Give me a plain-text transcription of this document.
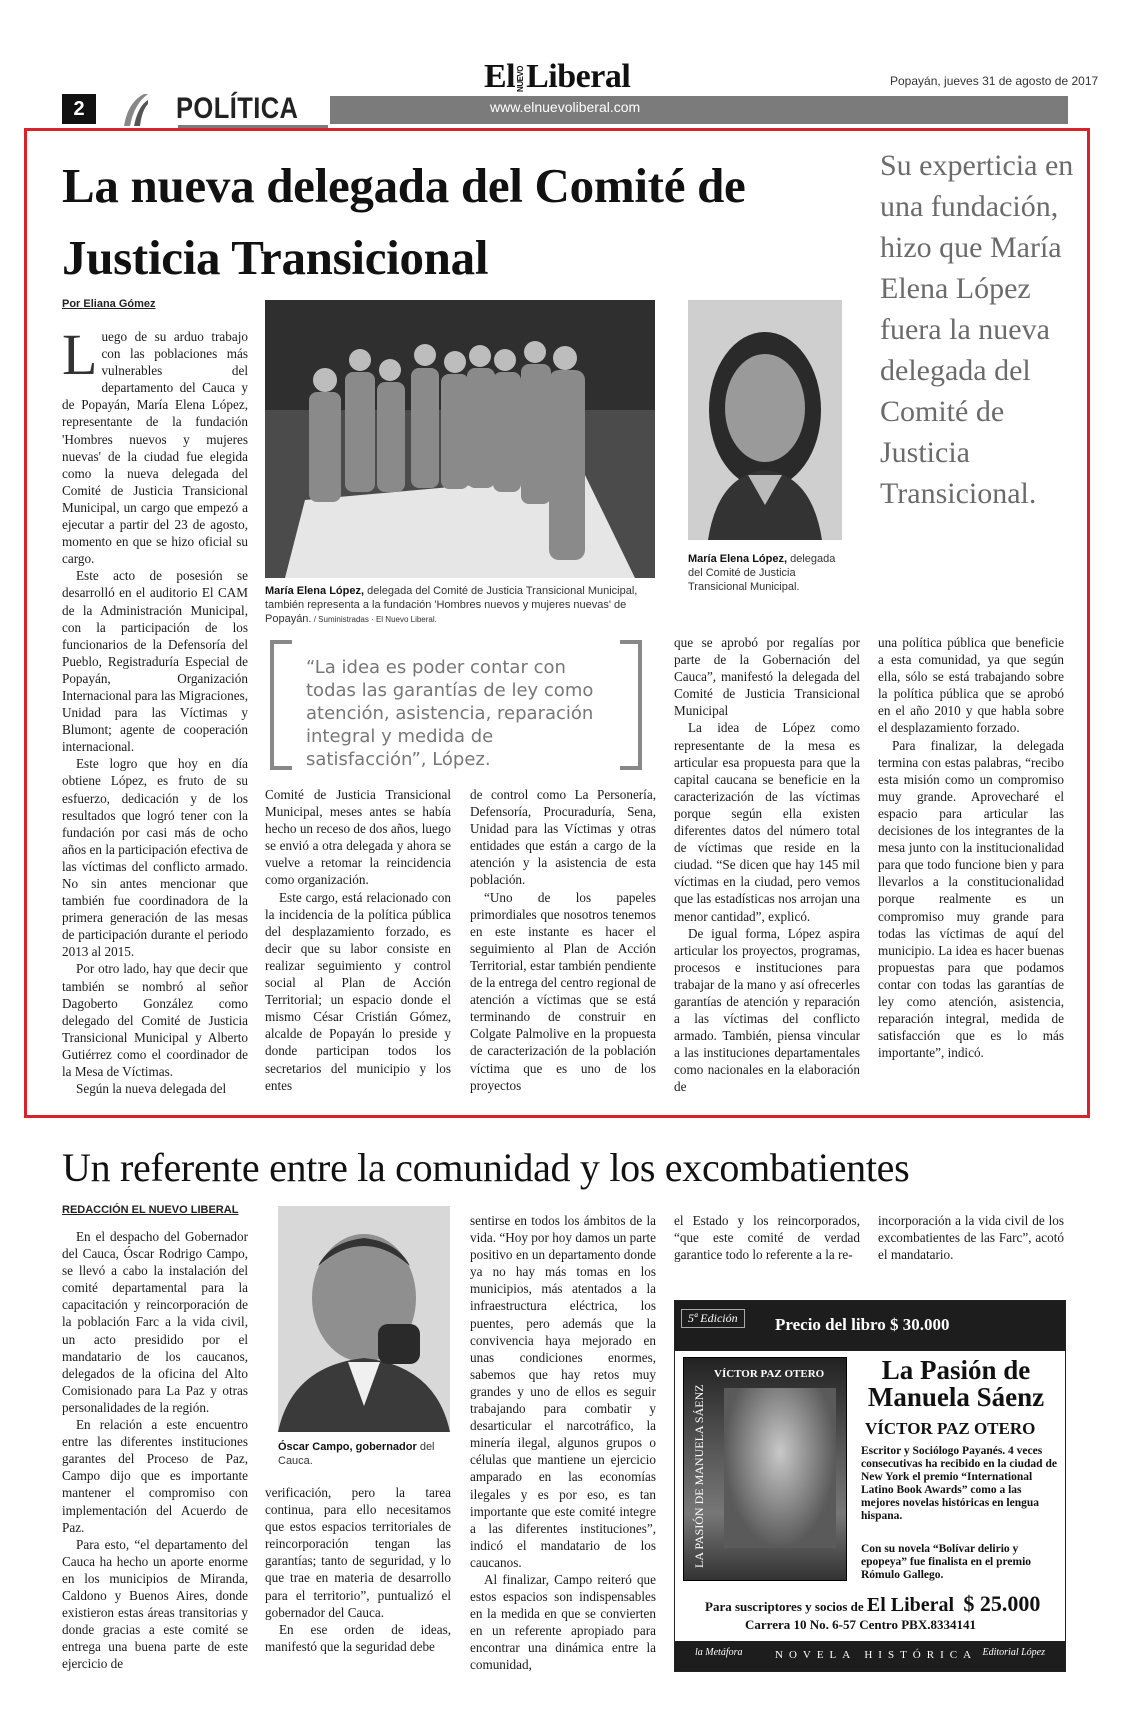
2	POLÍTICA
ElNUEVOLiberal
www.elnuevoliberal.com
Popayán, jueves 31 de agosto de 2017
La nueva delegada del Comité de Justicia Transicional
Su experticia en una fundación, hizo que María Elena López fuera la nueva delegada del Comité de Justicia Transicional.
Por Eliana Gómez
L uego de su arduo trabajo con las poblaciones más vulnerables del departamento del Cauca y de Popayán, María Elena López, representante de la fundación 'Hombres nuevos y mujeres nuevas' de la ciudad fue elegida como la nueva delegada del Comité de Justicia Transicional Municipal, un cargo que empezó a ejecutar a partir del 23 de agosto, momento en que se hizo oficial su cargo.

Este acto de posesión se desarrolló en el auditorio El CAM de la Administración Municipal, con la participación de los funcionarios de la Defensoría del Pueblo, Registraduría Especial de Popayán, Organización Internacional para las Migraciones, Unidad para las Víctimas y Blumont; agente de cooperación internacional.

Este logro que hoy en día obtiene López, es fruto de su esfuerzo, dedicación y de los resultados que logró tener con la fundación por casi más de ocho años en la participación efectiva de las víctimas del conflicto armado. No sin antes mencionar que también fue coordinadora de la primera generación de las mesas de participación durante el periodo 2013 al 2015.

Por otro lado, hay que decir que también se nombró al señor Dagoberto González como delegado del Comité de Justicia Transicional Municipal y Alberto Gutiérrez como el coordinador de la Mesa de Víctimas.

Según la nueva delegada del

María Elena López, delegada del Comité de Justicia Transicional Municipal, también representa a la fundación 'Hombres nuevos y mujeres nuevas' de Popayán. / Suministradas · El Nuevo Liberal.
María Elena López, delegada del Comité de Justicia Transicional Municipal.
“La idea es poder contar con todas las garantías de ley como atención, asistencia, reparación integral y medida de satisfacción”, López.

Comité de Justicia Transicional Municipal, meses antes se había hecho un receso de dos años, luego se envió a otra delegada y ahora se vuelve a retomar la reincidencia como organización.

Este cargo, está relacionado con la incidencia de la política pública del desplazamiento forzado, es decir que su labor consiste en realizar seguimiento y control social al Plan de Acción Territorial; un espacio donde el mismo César Cristián Gómez, alcalde de Popayán lo preside y donde participan todos los secretarios del municipio y los entes

de control como La Personería, Defensoría, Procuraduría, Sena, Unidad para las Víctimas y otras entidades que están a cargo de la atención y la asistencia de esta población.

“Uno de los papeles primordiales que nosotros tenemos en este instante es hacer el seguimiento al Plan de Acción Territorial, estar también pendiente de la entrega del centro regional de atención a víctimas que se está terminando de construir en Colgate Palmolive en la propuesta de caracterización de la población víctima que es uno de los proyectos

que se aprobó por regalías por parte de la Gobernación del Cauca”, manifestó la delegada del Comité de Justicia Transicional Municipal

La idea de López como representante de la mesa es articular esa propuesta para que la capital caucana se beneficie en la caracterización de las víctimas porque según ella existen diferentes datos del número total de víctimas que reside en la ciudad. “Se dicen que hay 145 mil víctimas en la ciudad, pero vemos que las estadísticas nos arrojan una menor cantidad”, explicó.

De igual forma, López aspira articular los proyectos, programas, procesos e instituciones para trabajar de la mano y así ofrecerles garantías de atención y reparación a las víctimas del conflicto armado. También, piensa vincular a las instituciones departamentales como nacionales en la elaboración de

una política pública que beneficie a esta comunidad, ya que según ella, sólo se está trabajando sobre la política pública que se aprobó en el año 2010 y que habla sobre el desplazamiento forzado.

Para finalizar, la delegada termina con estas palabras, “recibo esta misión como un compromiso muy grande. Aprovecharé el espacio para articular las decisiones de los integrantes de la mesa junto con la institucionalidad para que todo funcione bien y para llevarlos a la constitucionalidad porque realmente es un compromiso muy grande para todas las víctimas de aquí del municipio. La idea es hacer buenas propuestas para que podamos contar con todas las garantías de ley como atención, asistencia, reparación integral, medida de satisfacción que es lo más importante”, indicó.

Un referente entre la comunidad y los excombatientes
REDACCIÓN EL NUEVO LIBERAL

En el despacho del Gobernador del Cauca, Óscar Rodrigo Campo, se llevó a cabo la instalación del comité departamental para la capacitación y reincorporación de la población Farc a la vida civil, un acto presidido por el mandatario de los caucanos, delegados de la oficina del Alto Comisionado para La Paz y otras personalidades de la región.

En relación a este encuentro entre las diferentes instituciones garantes del Proceso de Paz, Campo dijo que es importante mantener el compromiso con implementación del Acuerdo de Paz.

Para esto, “el departamento del Cauca ha hecho un aporte enorme en los municipios de Miranda, Caldono y Buenos Aires, donde existieron estas áreas transitorias y donde gracias a este comité se entrega una buena parte de este ejercicio de

Óscar Campo, gobernador del Cauca.

verificación, pero la tarea continua, para ello necesitamos que estos espacios territoriales de reincorporación tengan las garantías; tanto de seguridad, y lo que trae en materia de desarrollo para el territorio”, puntualizó el gobernador del Cauca.

En ese orden de ideas, manifestó que la seguridad debe

sentirse en todos los ámbitos de la vida. “Hoy por hoy damos un parte positivo en un departamento donde ya no hay más tomas en los municipios, más atentados a la infraestructura eléctrica, los puentes, pero además que la convivencia haya mejorado en unas condiciones enormes, sabemos que hay retos muy grandes y uno de ellos es seguir trabajando para combatir y desarticular el narcotráfico, la minería ilegal, algunos grupos o células que mantiene un ejercicio amparado en las economías ilegales y es por eso, es tan importante que este comité integre a las diferentes instituciones”, indicó el mandatario de los caucanos.

Al finalizar, Campo reiteró que estos espacios son indispensables en la medida en que se convierten en un referente apropiado para encontrar una dinámica entre la comunidad,

el Estado y los reincorporados, “que este comité de verdad garantice todo lo referente a la re-

incorporación a la vida civil de los excombatientes de las Farc”, acotó el mandatario.

5ª Edición	Precio del libro $ 30.000
VÍCTOR PAZ OTERO
LA PASIÓN DE MANUELA SÁENZ
La Pasión de Manuela Sáenz
VÍCTOR PAZ OTERO
Escritor y Sociólogo Payanés. 4 veces consecutivas ha recibido en la ciudad de New York el premio “International Latino Book Awards” como a las mejores novelas históricas en lengua hispana.
Con su novela “Bolívar delirio y epopeya” fue finalista en el premio Rómulo Gallego.
Para suscriptores y socios de El Liberal $ 25.000
Carrera 10 No. 6-57 Centro PBX.8334141
la Metáfora	NOVELA HISTÓRICA Editorial López
